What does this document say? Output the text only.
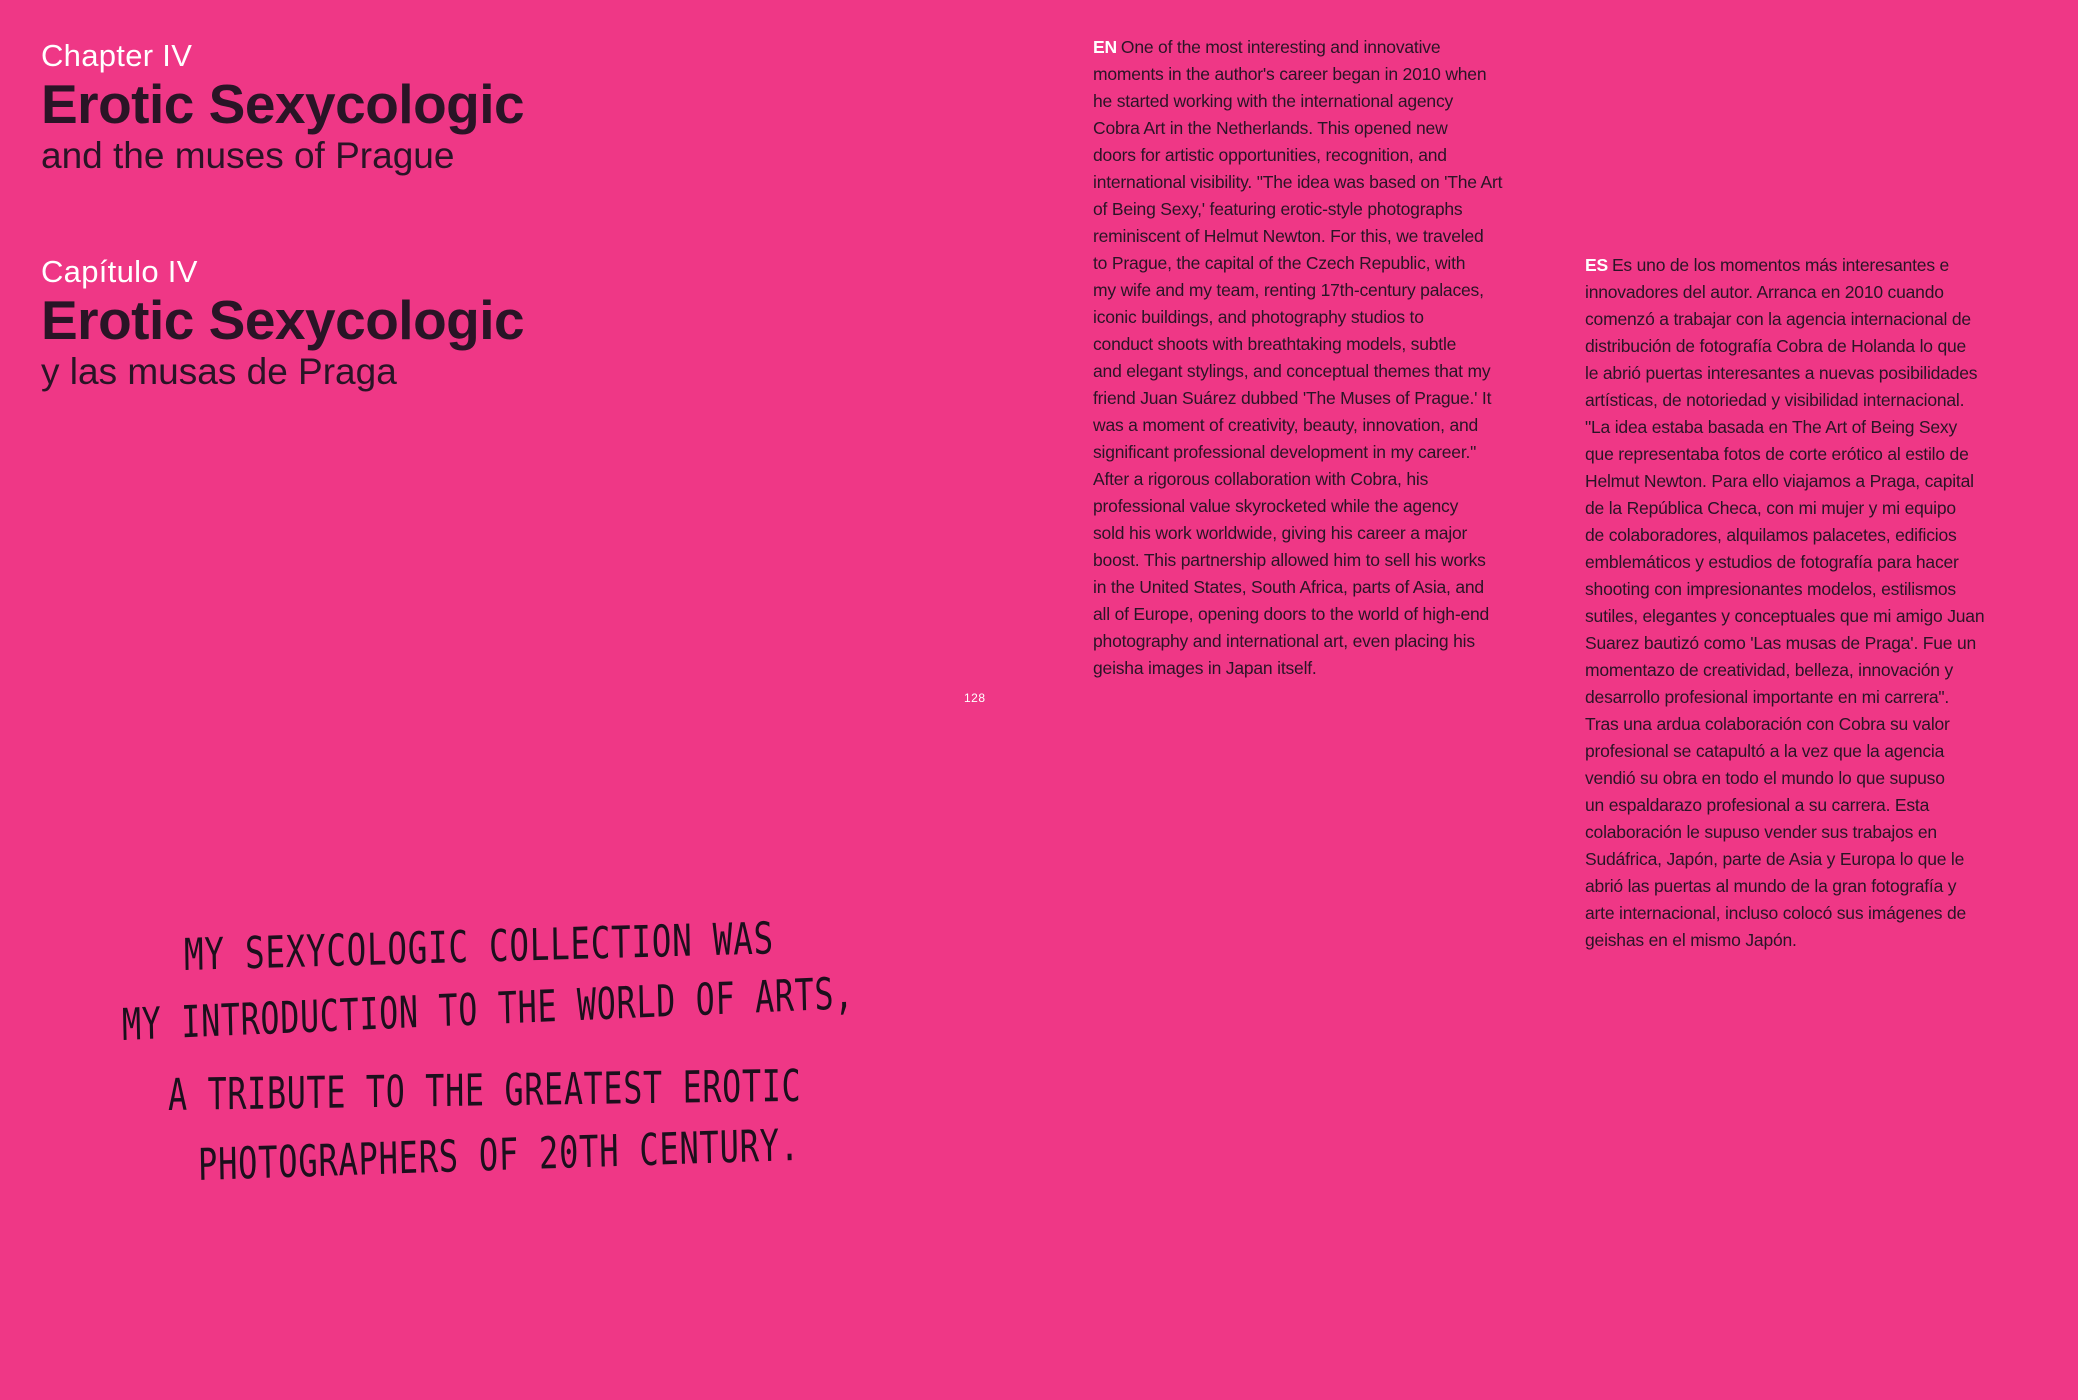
Chapter IV
Erotic Sexycologic
and the muses of Prague
Capítulo IV
Erotic Sexycologic
y las musas de Praga
128
MY SEXYCOLOGIC COLLECTION WAS
MY INTRODUCTION TO THE WORLD OF ARTS,
A TRIBUTE TO THE GREATEST EROTIC
PHOTOGRAPHERS OF 20TH CENTURY.

EN One of the most interesting and innovative

moments in the author's career began in 2010 when

he started working with the international agency

Cobra Art in the Netherlands. This opened new

doors for artistic opportunities, recognition, and

international visibility. "The idea was based on 'The Art

of Being Sexy,' featuring erotic-style photographs

reminiscent of Helmut Newton. For this, we traveled

to Prague, the capital of the Czech Republic, with

my wife and my team, renting 17th-century palaces,

iconic buildings, and photography studios to

conduct shoots with breathtaking models, subtle

and elegant stylings, and conceptual themes that my

friend Juan Suárez dubbed 'The Muses of Prague.' It

was a moment of creativity, beauty, innovation, and

significant professional development in my career."

After a rigorous collaboration with Cobra, his

professional value skyrocketed while the agency

sold his work worldwide, giving his career a major

boost. This partnership allowed him to sell his works

in the United States, South Africa, parts of Asia, and

all of Europe, opening doors to the world of high-end

photography and international art, even placing his

geisha images in Japan itself.

ES Es uno de los momentos más interesantes e

innovadores del autor. Arranca en 2010 cuando

comenzó a trabajar con la agencia internacional de

distribución de fotografía Cobra de Holanda lo que

le abrió puertas interesantes a nuevas posibilidades

artísticas, de notoriedad y visibilidad internacional.

"La idea estaba basada en The Art of Being Sexy

que representaba fotos de corte erótico al estilo de

Helmut Newton. Para ello viajamos a Praga, capital

de la República Checa, con mi mujer y mi equipo

de colaboradores, alquilamos palacetes, edificios

emblemáticos y estudios de fotografía para hacer

shooting con impresionantes modelos, estilismos

sutiles, elegantes y conceptuales que mi amigo Juan

Suarez bautizó como 'Las musas de Praga'. Fue un

momentazo de creatividad, belleza, innovación y

desarrollo profesional importante en mi carrera".

Tras una ardua colaboración con Cobra su valor

profesional se catapultó a la vez que la agencia

vendió su obra en todo el mundo lo que supuso

un espaldarazo profesional a su carrera. Esta

colaboración le supuso vender sus trabajos en

Sudáfrica, Japón, parte de Asia y Europa lo que le

abrió las puertas al mundo de la gran fotografía y

arte internacional, incluso colocó sus imágenes de

geishas en el mismo Japón.
